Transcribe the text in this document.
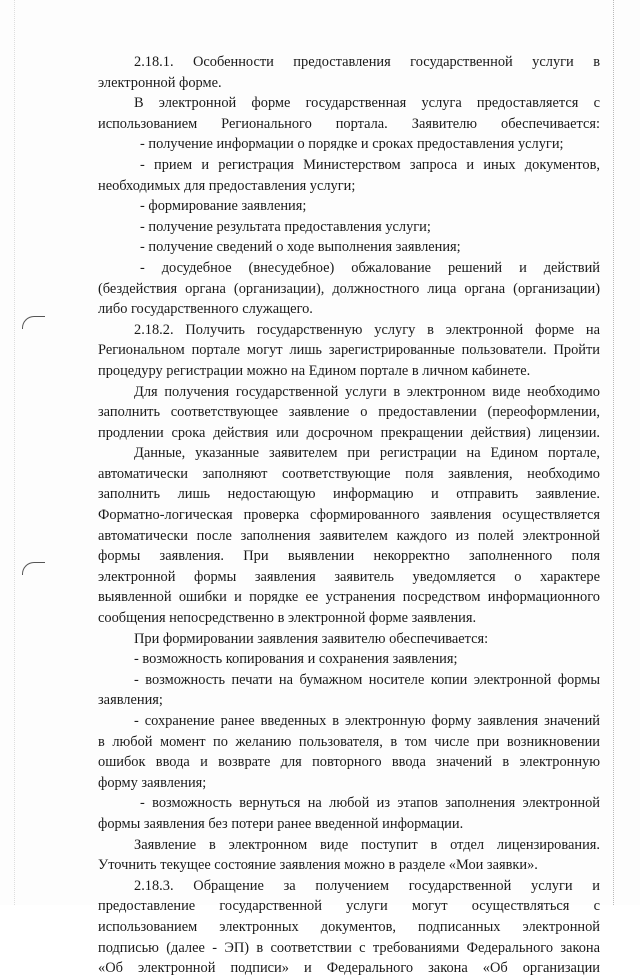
2.18.1. Особенности предоставления государственной услуги в
электронной форме.
В электронной форме государственная услуга предоставляется с
использованием Регионального портала. Заявителю обеспечивается:
- получение информации о порядке и сроках предоставления услуги;
- прием и регистрация Министерством запроса и иных документов,
необходимых для предоставления услуги;
- формирование заявления;
- получение результата предоставления услуги;
- получение сведений о ходе выполнения заявления;
- досудебное (внесудебное) обжалование решений и действий
(бездействия органа (организации), должностного лица органа (организации)
либо государственного служащего.
2.18.2. Получить государственную услугу в электронной форме на
Региональном портале могут лишь зарегистрированные пользователи. Пройти
процедуру регистрации можно на Едином портале в личном кабинете.
Для получения государственной услуги в электронном виде необходимо
заполнить соответствующее заявление о предоставлении (переоформлении,
продлении срока действия или досрочном прекращении действия) лицензии.
Данные, указанные заявителем при регистрации на Едином портале,
автоматически заполняют соответствующие поля заявления, необходимо
заполнить лишь недостающую информацию и отправить заявление.
Форматно-логическая проверка сформированного заявления осуществляется
автоматически после заполнения заявителем каждого из полей электронной
формы заявления. При выявлении некорректно заполненного поля
электронной формы заявления заявитель уведомляется о характере
выявленной ошибки и порядке ее устранения посредством информационного
сообщения непосредственно в электронной форме заявления.
При формировании заявления заявителю обеспечивается:
- возможность копирования и сохранения заявления;
- возможность печати на бумажном носителе копии электронной формы
заявления;
- сохранение ранее введенных в электронную форму заявления значений
в любой момент по желанию пользователя, в том числе при возникновении
ошибок ввода и возврате для повторного ввода значений в электронную
форму заявления;
- возможность вернуться на любой из этапов заполнения электронной
формы заявления без потери ранее введенной информации.
Заявление в электронном виде поступит в отдел лицензирования.
Уточнить текущее состояние заявления можно в разделе «Мои заявки».
2.18.3. Обращение за получением государственной услуги и
предоставление государственной услуги могут осуществляться с
использованием электронных документов, подписанных электронной
подписью (далее - ЭП) в соответствии с требованиями Федерального закона
«Об электронной подписи» и Федерального закона «Об организации
